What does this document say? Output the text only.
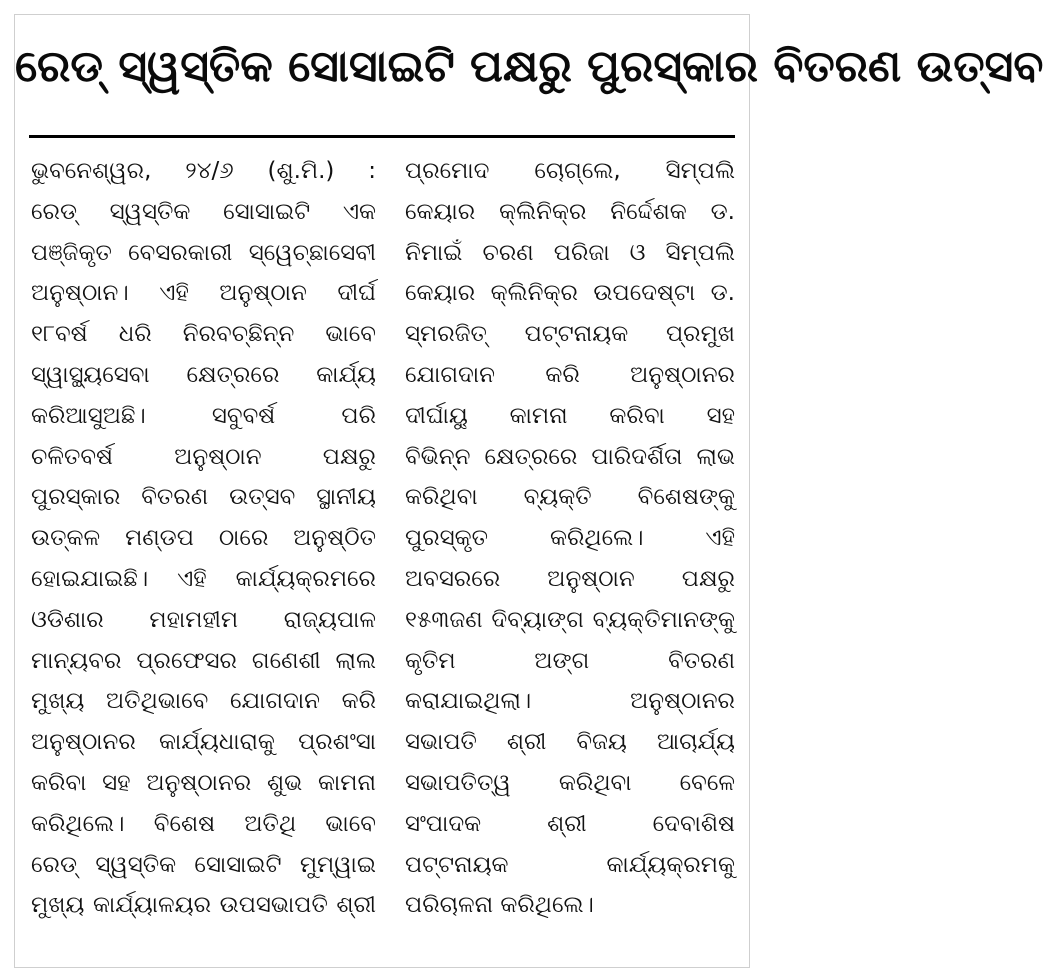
ରେଡ୍ ସ୍ୱସ୍ତିକ ସୋସାଇଟି ପକ୍ଷରୁ ପୁରସ୍କାର ବିତରଣ ଉତ୍ସବ
ଭୁବନେଶ୍ୱର, ୨୪/୬ (ଶୁ.ମି.) :
ରେଡ୍ ସ୍ୱସ୍ତିକ ସୋସାଇଟି ଏକ
ପଞ୍ଜିକୃତ ବେସରକାରୀ ସ୍ୱେଚ୍ଛାସେବୀ
ଅନୁଷ୍ଠାନ। ଏହି ଅନୁଷ୍ଠାନ ଦୀର୍ଘ
୧୮ବର୍ଷ ଧରି ନିରବଚ୍ଛିନ୍ନ ଭାବେ
ସ୍ୱାସ୍ଥ୍ୟସେବା କ୍ଷେତ୍ରରେ କାର୍ଯ୍ୟ
କରିଆସୁଅଛି। ସବୁବର୍ଷ ପରି
ଚଳିତବର୍ଷ ଅନୁଷ୍ଠାନ ପକ୍ଷରୁ
ପୁରସ୍କାର ବିତରଣ ଉତ୍ସବ ସ୍ଥାନୀୟ
ଉତ୍କଳ ମଣ୍ଡପ ଠାରେ ଅନୁଷ୍ଠିତ
ହୋଇଯାଇଛି। ଏହି କାର୍ଯ୍ୟକ୍ରମରେ
ଓଡିଶାର ମହାମହୀମ ରାଜ୍ୟପାଳ
ମାନ୍ୟବର ପ୍ରଫେସର ଗଣେଶୀ ଲାଲ
ମୁଖ୍ୟ ଅତିଥିଭାବେ ଯୋଗଦାନ କରି
ଅନୁଷ୍ଠାନର କାର୍ଯ୍ୟଧାରାକୁ ପ୍ରଶଂସା
କରିବା ସହ ଅନୁଷ୍ଠାନର ଶୁଭ କାମନା
କରିଥିଲେ। ବିଶେଷ ଅତିଥି ଭାବେ
ରେଡ୍ ସ୍ୱସ୍ତିକ ସୋସାଇଟି ମୁମ୍ୱାଇ
ମୁଖ୍ୟ କାର୍ଯ୍ୟାଳୟର ଉପସଭାପତି ଶ୍ରୀ
ପ୍ରମୋଦ ଚୋଗ୍‌ଲେ, ସିମ୍ପଲି
କେୟାର କ୍ଲିନିକ୍‌ର ନିର୍ଦ୍ଦେଶକ ଡ.
ନିମାଇଁ ଚରଣ ପରିଜା ଓ ସିମ୍ପଲି
କେୟାର କ୍ଲିନିକ୍‌ର ଉପଦେଷ୍ଟା ଡ.
ସ୍ମରଜିତ୍ ପଟ୍ଟନାୟକ ପ୍ରମୁଖ
ଯୋଗଦାନ କରି ଅନୁଷ୍ଠାନର
ଦୀର୍ଘାୟୁ କାମନା କରିବା ସହ
ବିଭିନ୍ନ କ୍ଷେତ୍ରରେ ପାରିଦର୍ଶିତା ଲାଭ
କରିଥିବା ବ୍ୟକ୍ତି ବିଶେଷଙ୍କୁ
ପୁରସ୍କୃତ କରିଥିଲେ। ଏହି
ଅବସରରେ ଅନୁଷ୍ଠାନ ପକ୍ଷରୁ
୧୫୩ଜଣ ଦିବ୍ୟାଙ୍ଗ ବ୍ୟକ୍ତିମାନଙ୍କୁ
କୃତିମ ଅଙ୍ଗ ବିତରଣ
କରାଯାଇଥିଲା। ଅନୁଷ୍ଠାନର
ସଭାପତି ଶ୍ରୀ ବିଜୟ ଆଚାର୍ଯ୍ୟ
ସଭାପତିତ୍ୱ କରିଥିବା ବେଳେ
ସଂପାଦକ ଶ୍ରୀ ଦେବାଶିଷ
ପଟ୍ଟନାୟକ କାର୍ଯ୍ୟକ୍ରମକୁ
ପରିଚାଳନା କରିଥିଲେ।
